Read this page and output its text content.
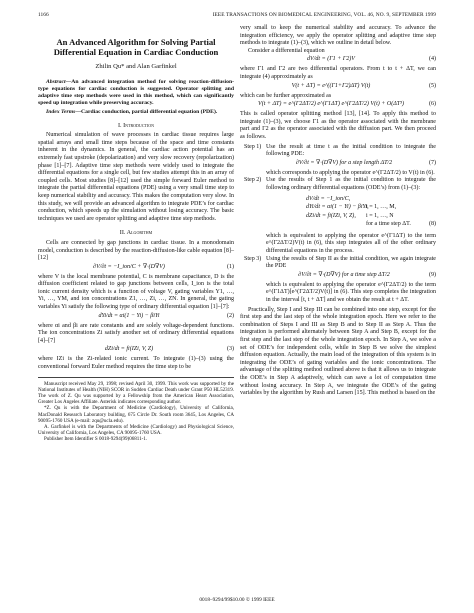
1166	IEEE TRANSACTIONS ON BIOMEDICAL ENGINEERING, VOL. 46, NO. 9, SEPTEMBER 1999
An Advanced Algorithm for Solving Partial Differential Equation in Cardiac Conduction
Zhilin Qu* and Alan Garfinkel
Abstract—An advanced integration method for solving reaction-diffusion-type equations for cardiac conduction is suggested. Operator splitting and adaptive time step methods were used in this method, which can significantly speed up integration while preserving accuracy.
Index Terms—Cardiac conduction, partial differential equation (PDE).
I. Introduction

Numerical simulation of wave processes in cardiac tissue requires large spatial arrays and small time steps because of the space and time constants inherent in the dynamics. In general, the cardiac action potential has an extremely fast upstroke (depolarization) and very slow recovery (repolarization) phase [1]–[7]. Adaptive time step methods were widely used to integrate the differential equations for a single cell, but few studies attempt this in an array of coupled cells. Most studies [8]–[12] used the simple forward Euler method to integrate the partial differential equations (PDE) using a very small time step to keep numerical stability and accuracy. This makes the computation very slow. In this study, we will provide an advanced algorithm to integrate PDE’s for cardiac conduction, which speeds up the simulation without losing accuracy. The basic techniques we used are operator splitting and adaptive time step methods.

II. Algorithm

Cells are connected by gap junctions in cardiac tissue. In a monodomain model, conduction is described by the reaction-diffusion-like cable equation [8]–[12]

∂V/∂t = −I_ion/C + ∇·(D∇V)	(1)

where V is the local membrane potential, C is membrane capacitance, D is the diffusion coefficient related to gap junctions between cells, I_ion is the total ionic current density which is a function of voltage V, gating variables Y1, …, Yi, …, YM, and ion concentrations Z1, …, Zi, …, ZN. In general, the gating variables Yi satisfy the following type of ordinary differential equation [1]–[7]:

dYi/dt = αi(1 − Yi) − βiYi	(2)

where αi and βi are rate constants and are solely voltage-dependent functions. The ion concentrations Zi satisfy another set of ordinary differential equations [4]–[7]

dZi/dt = fi(IZi, V, Z)	(3)

where IZi is the Zi-related ionic current. To integrate (1)–(3) using the conventional forward Euler method requires the time step to be

Manuscript received May 29, 1998; revised April 30, 1999. This work was supported by the National Institutes of Health (NIH) SCOR in Sudden Cardiac Death under Grant P50 HL52319. The work of Z. Qu was supported by a Fellowship from the American Heart Association, Greater Los Angeles Affiliate. Asterisk indicates corresponding author.

*Z. Qu is with the Department of Medicine (Cardiology), University of California, MacDonald Research Laboratory building, 675 Circle Dr. South room 3645, Los Angeles, CA 90095-1760 USA (e-mail: zqu@ucla.edu).

A. Garfinkel is with the Departments of Medicine (Cardiology) and Physiological Science, University of California, Los Angeles, CA 90095-1760 USA.

Publisher Item Identifier S 0018-9294(99)06811-1.

very small to keep the numerical stability and accuracy. To advance the integration efficiency, we apply the operator splitting and adaptive time step methods to integrate (1)–(3), which we outline in detail below.

Consider a differential equation

dV/dt = (Γ1 + Γ2)V	(4)

where Γ1 and Γ2 are two differential operators. From t to t + ΔT, we can integrate (4) approximately as

V(t + ΔT) = e^((Γ1+Γ2)ΔT) V(t)	(5)

which can be further approximated as

V(t + ΔT) = e^(Γ2ΔT/2) e^(Γ1ΔT) e^(Γ2ΔT/2) V(t) + O(ΔT³)	(6)

This is called operator splitting method [13], [14]. To apply this method to integrate (1)–(3), we choose Γ1 as the operator associated with the membrane part and Γ2 as the operator associated with the diffusion part. We then proceed as follows.

Step 1) Use the result at time t as the initial condition to integrate the following PDE:
∂V/∂t = ∇·(D∇V) for a step length ΔT/2	(7)
which corresponds to applying the operator e^(Γ2ΔT/2) to V(t) in (6).
Step 2) Use the results of Step 1 as the initial condition to integrate the following ordinary differential equations (ODE’s) from (1)–(3):
dV/dt = −I_ion/C,
dYi/dt = αi(1 − Yi) − βiYi,
i = 1, …, M,
dZi/dt = fi(IZi, V, Z), i = 1, …, N
for a time step ΔT.	(8)
which is equivalent to applying the operator e^(Γ1ΔT) to the term e^(Γ2ΔT/2)V(t) in (6), this step integrates all of the other ordinary differential equations in the process.
Step 3) Using the results of Step II as the initial condition, we again integrate the PDE
∂V/∂t = ∇·(D∇V) for a time step ΔT/2	(9)
which is equivalent to applying the operator e^(Γ2ΔT/2) to the term e^(Γ1ΔT)[e^(Γ2ΔT/2)V(t)] in (6). This step completes the integration in the interval [t, t + ΔT] and we obtain the result at t + ΔT.

Practically, Step I and Step III can be combined into one step, except for the first step and the last step of the whole integration epoch. Here we refer to the combination of Steps I and III as Step B and to Step II as Step A. Thus the integration is performed alternately between Step A and Step B, except for the first step and the last step of the whole integration epoch. In Step A, we solve a set of ODE’s for independent cells, while in Step B we solve the simplest diffusion equation. Actually, the main load of the integration of this system is in integrating the ODE’s of gating variables and the ionic concentrations. The advantage of the splitting method outlined above is that it allows us to integrate the ODE’s in Step A adaptively, which can save a lot of computation time without losing accuracy. In Step A, we integrate the ODE’s of the gating variables by the algorithm by Rush and Larsen [15]. This method is based on the

0018–9294/99$10.00 © 1999 IEEE
